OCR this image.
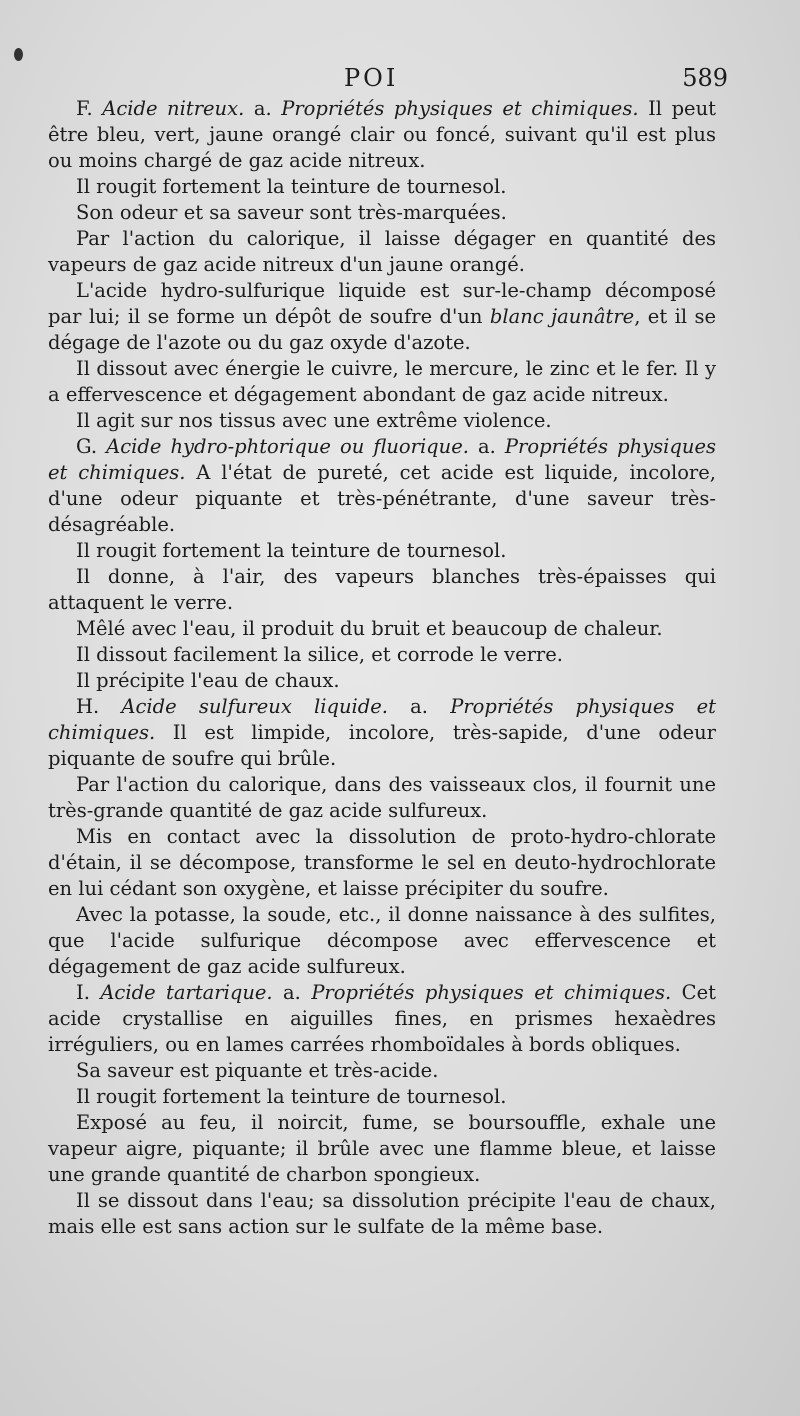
POI	589

F. Acide nitreux. a. Propriétés physiques et chimiques. Il peut être bleu, vert, jaune orangé clair ou foncé, suivant qu'il est plus ou moins chargé de gaz acide nitreux.

Il rougit fortement la teinture de tournesol.

Son odeur et sa saveur sont très-marquées.

Par l'action du calorique, il laisse dégager en quantité des vapeurs de gaz acide nitreux d'un jaune orangé.

L'acide hydro-sulfurique liquide est sur-le-champ décomposé par lui; il se forme un dépôt de soufre d'un blanc jaunâtre, et il se dégage de l'azote ou du gaz oxyde d'azote.

Il dissout avec énergie le cuivre, le mercure, le zinc et le fer. Il y a effervescence et dégagement abondant de gaz acide nitreux.

Il agit sur nos tissus avec une extrême violence.

G. Acide hydro-phtorique ou fluorique. a. Propriétés physiques et chimiques. A l'état de pureté, cet acide est liquide, incolore, d'une odeur piquante et très-pénétrante, d'une saveur très-désagréable.

Il rougit fortement la teinture de tournesol.

Il donne, à l'air, des vapeurs blanches très-épaisses qui attaquent le verre.

Mêlé avec l'eau, il produit du bruit et beaucoup de chaleur.

Il dissout facilement la silice, et corrode le verre.

Il précipite l'eau de chaux.

H. Acide sulfureux liquide. a. Propriétés physiques et chimiques. Il est limpide, incolore, très-sapide, d'une odeur piquante de soufre qui brûle.

Par l'action du calorique, dans des vaisseaux clos, il fournit une très-grande quantité de gaz acide sulfureux.

Mis en contact avec la dissolution de proto-hydro-chlorate d'étain, il se décompose, transforme le sel en deuto-hydrochlorate en lui cédant son oxygène, et laisse précipiter du soufre.

Avec la potasse, la soude, etc., il donne naissance à des sulfites, que l'acide sulfurique décompose avec effervescence et dégagement de gaz acide sulfureux.

I. Acide tartarique. a. Propriétés physiques et chimiques. Cet acide crystallise en aiguilles fines, en prismes hexaèdres irréguliers, ou en lames carrées rhomboïdales à bords obliques.

Sa saveur est piquante et très-acide.

Il rougit fortement la teinture de tournesol.

Exposé au feu, il noircit, fume, se boursouffle, exhale une vapeur aigre, piquante; il brûle avec une flamme bleue, et laisse une grande quantité de charbon spongieux.

Il se dissout dans l'eau; sa dissolution précipite l'eau de chaux, mais elle est sans action sur le sulfate de la même base.
